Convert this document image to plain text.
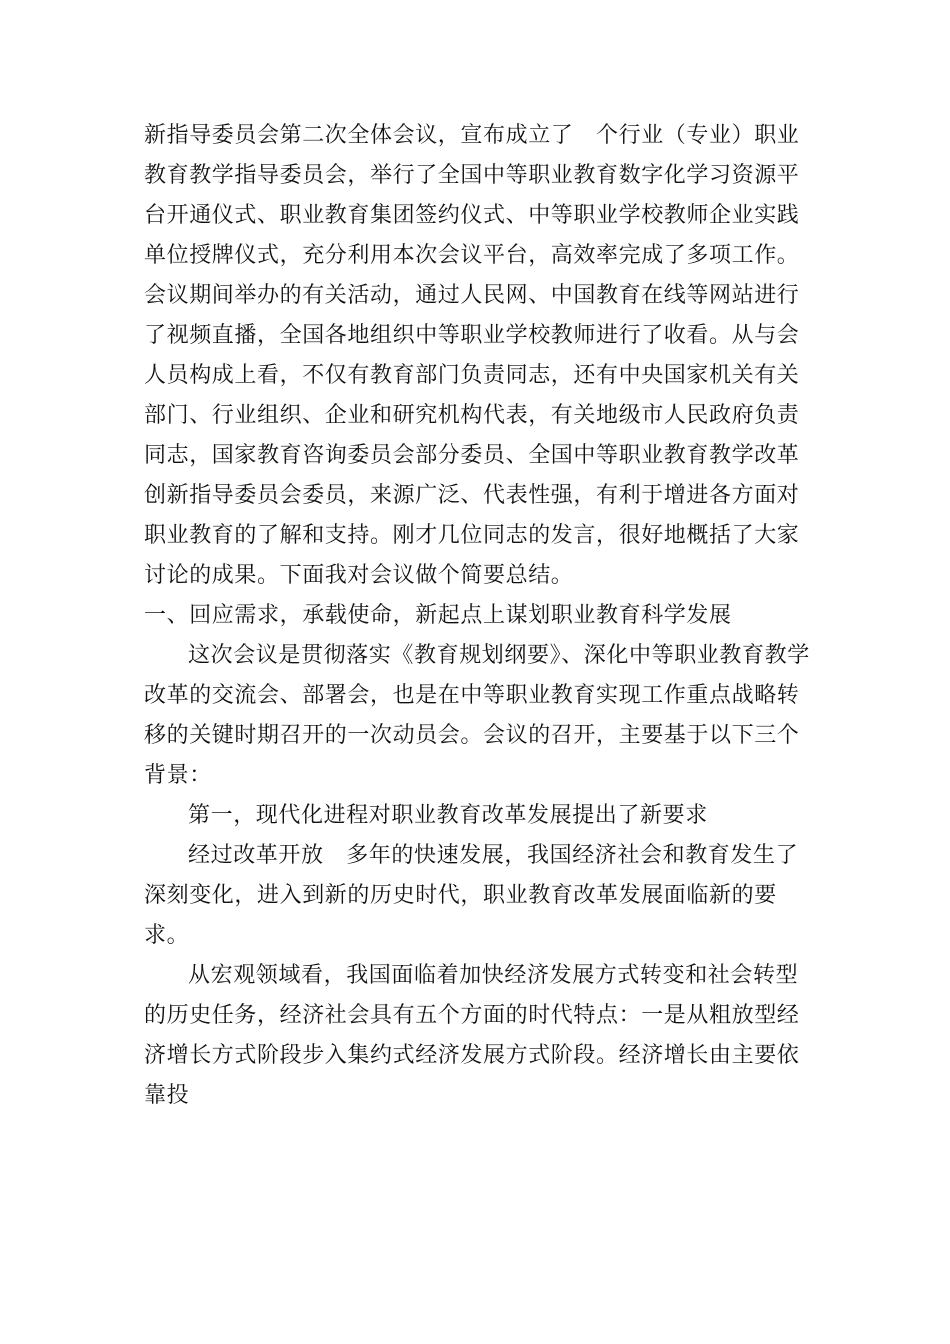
新指导委员会第二次全体会议，宣布成立了　个行业（专业）职业教育教学指导委员会，举行了全国中等职业教育数字化学习资源平台开通仪式、职业教育集团签约仪式、中等职业学校教师企业实践单位授牌仪式，充分利用本次会议平台，高效率完成了多项工作。会议期间举办的有关活动，通过人民网、中国教育在线等网站进行了视频直播，全国各地组织中等职业学校教师进行了收看。从与会人员构成上看，不仅有教育部门负责同志，还有中央国家机关有关部门、行业组织、企业和研究机构代表，有关地级市人民政府负责同志，国家教育咨询委员会部分委员、全国中等职业教育教学改革创新指导委员会委员，来源广泛、代表性强，有利于增进各方面对职业教育的了解和支持。刚才几位同志的发言，很好地概括了大家讨论的成果。下面我对会议做个简要总结。

一、回应需求，承载使命，新起点上谋划职业教育科学发展

这次会议是贯彻落实《教育规划纲要》、深化中等职业教育教学改革的交流会、部署会，也是在中等职业教育实现工作重点战略转移的关键时期召开的一次动员会。会议的召开，主要基于以下三个背景：

第一，现代化进程对职业教育改革发展提出了新要求

经过改革开放　多年的快速发展，我国经济社会和教育发生了深刻变化，进入到新的历史时代，职业教育改革发展面临新的要求。

从宏观领域看，我国面临着加快经济发展方式转变和社会转型的历史任务，经济社会具有五个方面的时代特点：一是从粗放型经济增长方式阶段步入集约式经济发展方式阶段。经济增长由主要依靠投
